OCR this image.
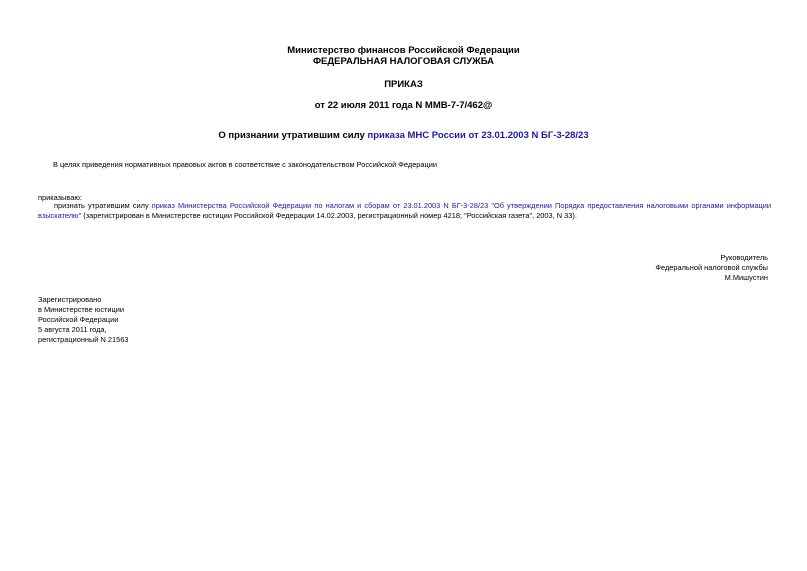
Министерство финансов Российской Федерации
ФЕДЕРАЛЬНАЯ НАЛОГОВАЯ СЛУЖБА
ПРИКАЗ
от 22 июля 2011 года N ММВ-7-7/462@
О признании утратившим силу приказа МНС России от 23.01.2003 N БГ-3-28/23
В целях приведения нормативных правовых актов в соответствие с законодательством Российской Федерации
приказываю:
признать утратившим силу приказ Министерства Российской Федерации по налогам и сборам от 23.01.2003 N БГ-3-28/23 "Об утверждении Порядка предоставления налоговыми органами информации взыскателю" (зарегистрирован в Министерстве юстиции Российской Федерации 14.02.2003, регистрационный номер 4218; "Российская газета", 2003, N 33).
Руководитель
Федеральной налоговой службы
М.Мишустин
Зарегистрировано
в Министерстве юстиции
Российской Федерации
5 августа 2011 года,
регистрационный N 21563
